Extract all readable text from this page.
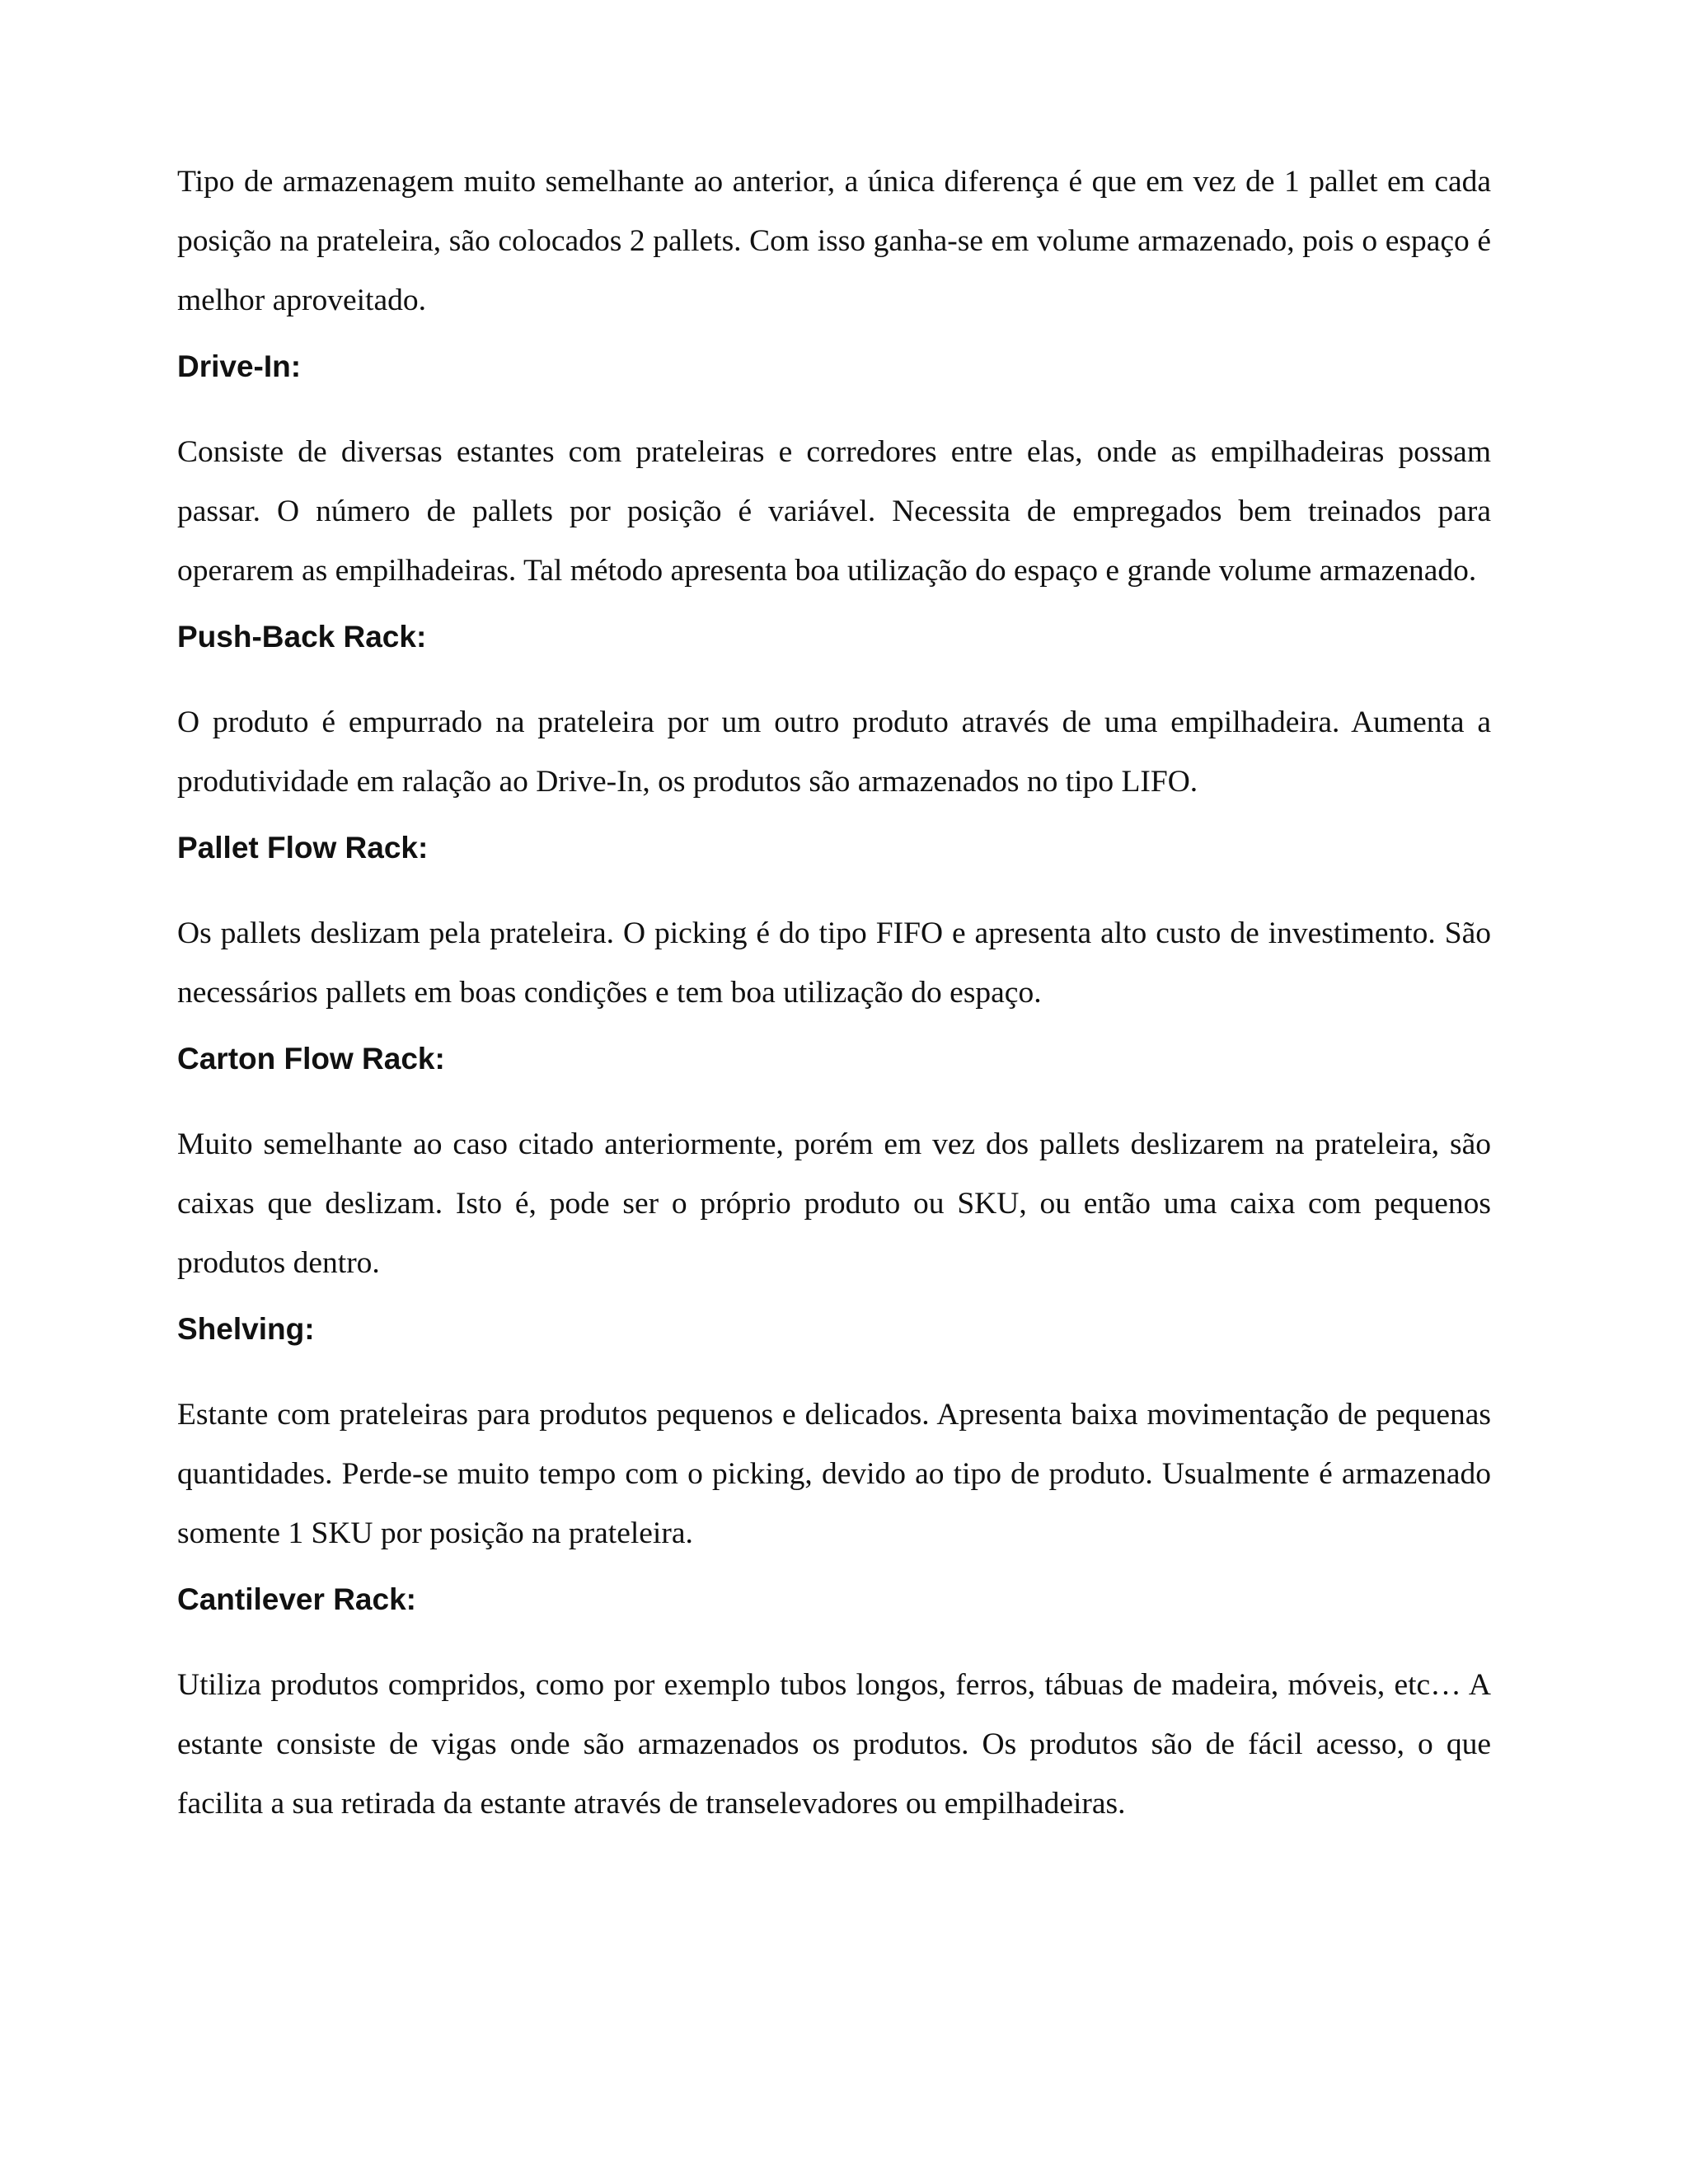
Tipo de armazenagem muito semelhante ao anterior, a única diferença é que em vez de 1 pallet em cada posição na prateleira, são colocados 2 pallets. Com isso ganha-se em volume armazenado, pois o espaço é melhor aproveitado.

Drive-In:

Consiste de diversas estantes com prateleiras e corredores entre elas, onde as empilhadeiras possam passar. O número de pallets por posição é variável. Necessita de empregados bem treinados para operarem as empilhadeiras. Tal método apresenta boa utilização do espaço e grande volume armazenado.

Push-Back Rack:

O produto é empurrado na prateleira por um outro produto através de uma empilhadeira. Aumenta a produtividade em ralação ao Drive-In, os produtos são armazenados no tipo LIFO.

Pallet Flow Rack:

Os pallets deslizam pela prateleira. O picking é do tipo FIFO e apresenta alto custo de investimento. São necessários pallets em boas condições e tem boa utilização do espaço.

Carton Flow Rack:

Muito semelhante ao caso citado anteriormente, porém em vez dos pallets deslizarem na prateleira, são caixas que deslizam. Isto é, pode ser o próprio produto ou SKU, ou então uma caixa com pequenos produtos dentro.

Shelving:

Estante com prateleiras para produtos pequenos e delicados. Apresenta baixa movimentação de pequenas quantidades. Perde-se muito tempo com o picking, devido ao tipo de produto. Usualmente é armazenado somente 1 SKU por posição na prateleira.

Cantilever Rack:

Utiliza produtos compridos, como por exemplo tubos longos, ferros, tábuas de madeira, móveis, etc… A estante consiste de vigas onde são armazenados os produtos. Os produtos são de fácil acesso, o que facilita a sua retirada da estante através de transelevadores ou empilhadeiras.
